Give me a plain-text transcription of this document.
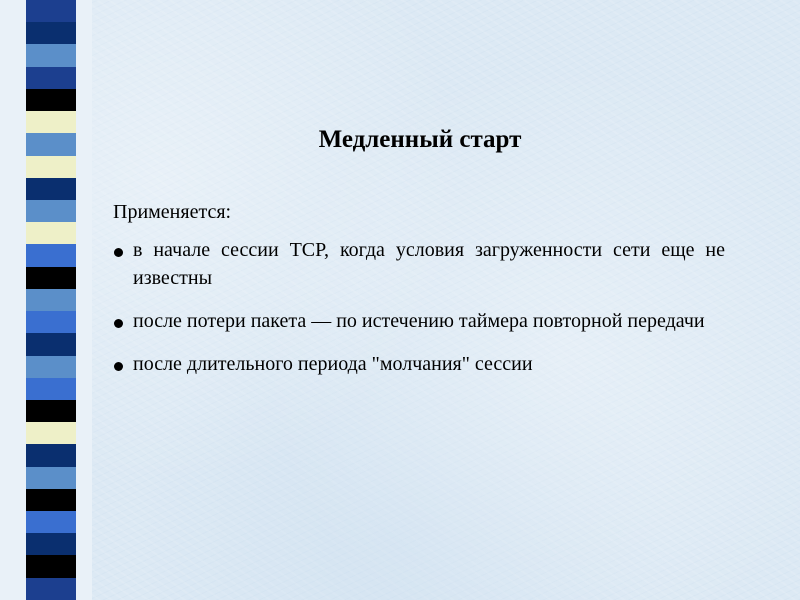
Медленный старт

Применяется:

в начале сессии TCP, когда условия загруженности сети еще не известны
после потери пакета — по истечению таймера повторной передачи
после длительного периода "молчания" сессии
